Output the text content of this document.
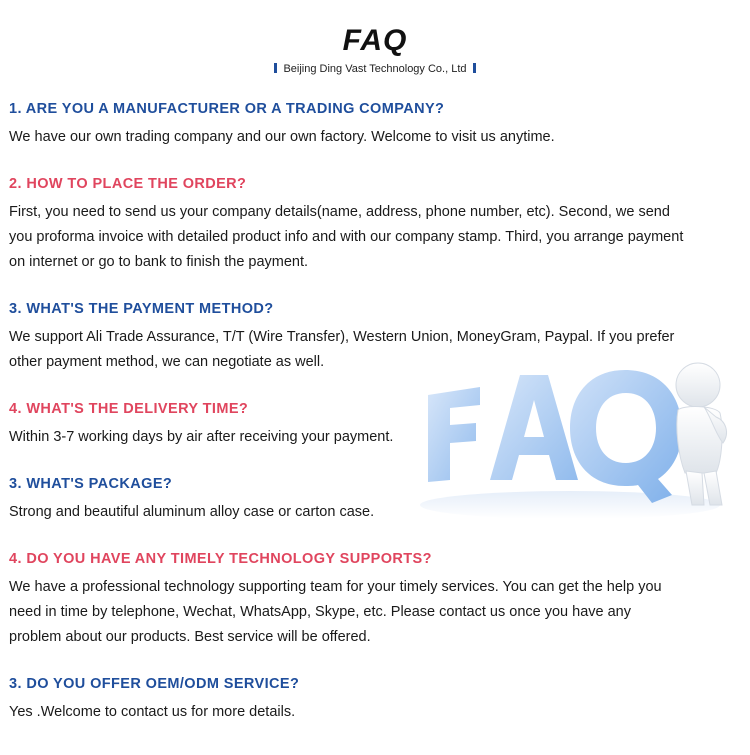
FAQ
Beijing Ding Vast Technology Co., Ltd

1. ARE YOU A MANUFACTURER OR A TRADING COMPANY?

We have our own trading company and our own factory. Welcome to visit us anytime.

2. HOW TO PLACE THE ORDER?

First, you need to send us your company details(name, address, phone number, etc). Second, we send
you proforma invoice with detailed product info and with our company stamp. Third, you arrange payment
on internet or go to bank to finish the payment.

3. WHAT'S THE PAYMENT METHOD?

We support Ali Trade Assurance, T/T (Wire Transfer), Western Union, MoneyGram, Paypal. If you prefer
other payment method, we can negotiate as well.

4. WHAT'S THE DELIVERY TIME?

Within 3-7 working days by air after receiving your payment.

3. WHAT'S PACKAGE?

Strong and beautiful aluminum alloy case or carton case.

4. DO YOU HAVE ANY TIMELY TECHNOLOGY SUPPORTS?

We have a professional technology supporting team for your timely services. You can get the help you
need in time by telephone, Wechat, WhatsApp, Skype, etc. Please contact us once you have any
problem about our products. Best service will be offered.

3. DO YOU OFFER OEM/ODM SERVICE?

Yes .Welcome to contact us for more details.
